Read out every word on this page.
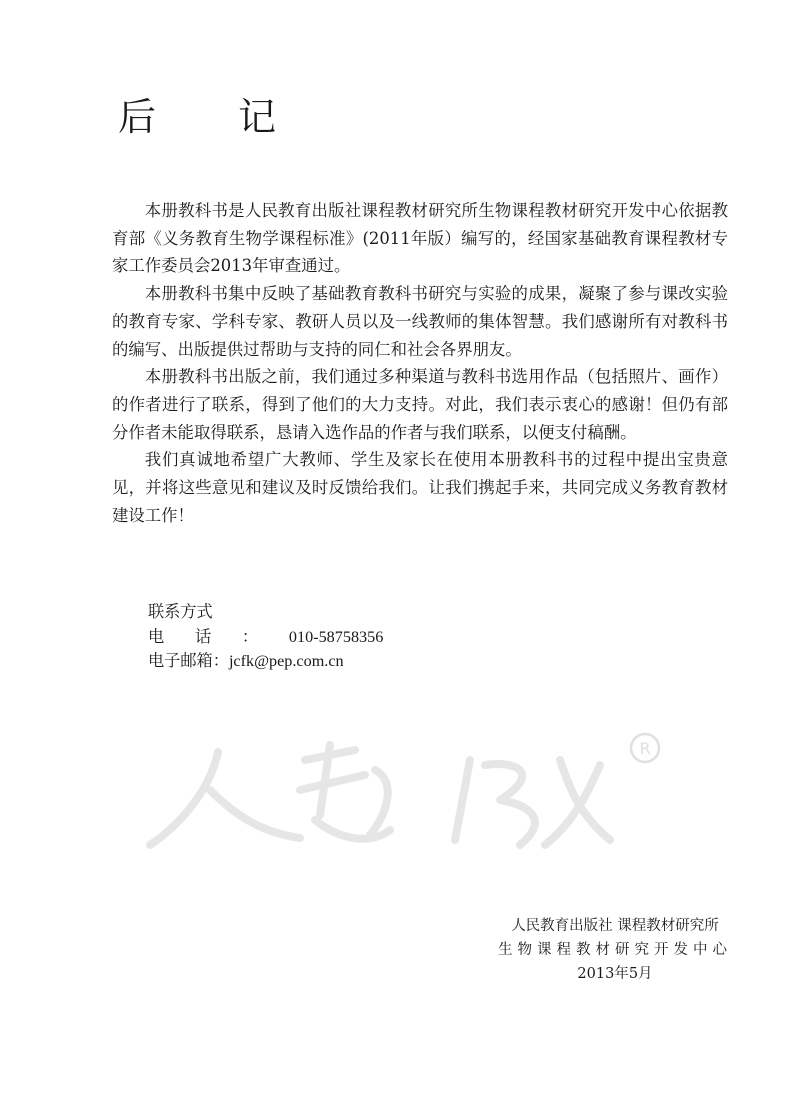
后　记

本册教科书是人民教育出版社课程教材研究所生物课程教材研究开发中心依据教育部《义务教育生物学课程标准》(2011年版）编写的，经国家基础教育课程教材专家工作委员会2013年审查通过。

本册教科书集中反映了基础教育教科书研究与实验的成果，凝聚了参与课改实验的教育专家、学科专家、教研人员以及一线教师的集体智慧。我们感谢所有对教科书的编写、出版提供过帮助与支持的同仁和社会各界朋友。

本册教科书出版之前，我们通过多种渠道与教科书选用作品（包括照片、画作）的作者进行了联系，得到了他们的大力支持。对此，我们表示衷心的感谢！但仍有部分作者未能取得联系，恳请入选作品的作者与我们联系，以便支付稿酬。

我们真诚地希望广大教师、学生及家长在使用本册教科书的过程中提出宝贵意见，并将这些意见和建议及时反馈给我们。让我们携起手来，共同完成义务教育教材建设工作！

联系方式
电话：010-58758356
电子邮箱：jcfk@pep.com.cn
R
人民教育出版社 课程教材研究所
生物课程教材研究开发中心
2013年5月
